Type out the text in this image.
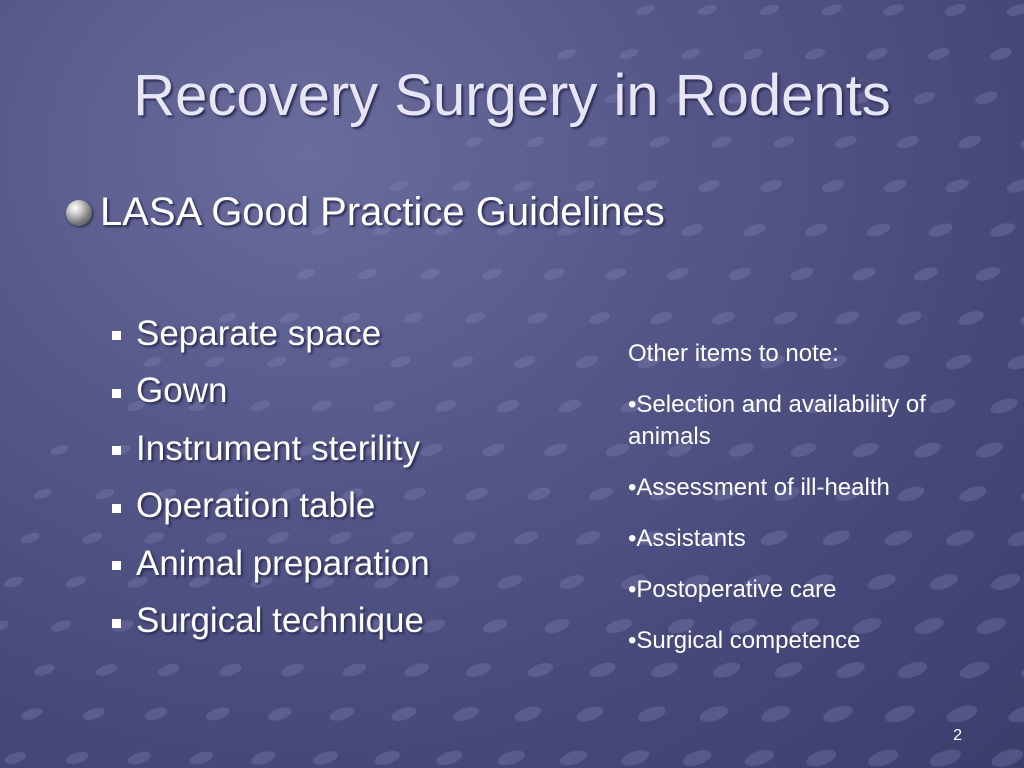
Recovery Surgery in Rodents
LASA Good Practice Guidelines
Separate space
Gown
Instrument sterility
Operation table
Animal preparation
Surgical technique

Other items to note:

•Selection and availability of animals

•Assessment of ill-health

•Assistants

•Postoperative care

•Surgical competence

2
